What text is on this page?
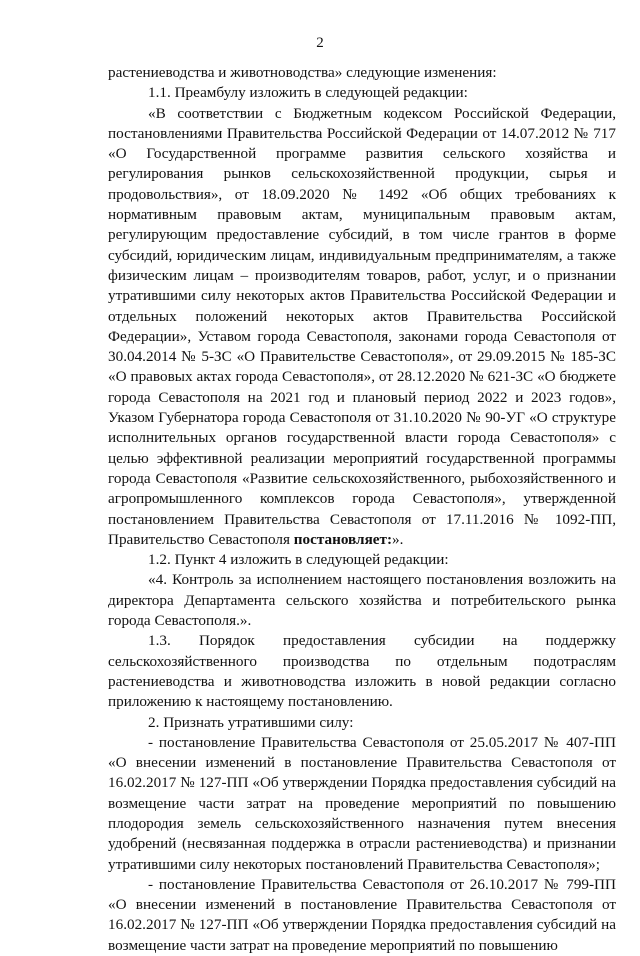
2

растениеводства и животноводства» следующие изменения:

1.1. Преамбулу изложить в следующей редакции:

«В соответствии с Бюджетным кодексом Российской Федерации, постановлениями Правительства Российской Федерации от 14.07.2012 № 717 «О Государственной программе развития сельского хозяйства и регулирования рынков сельскохозяйственной продукции, сырья и продовольствия», от 18.09.2020 № 1492 «Об общих требованиях к нормативным правовым актам, муниципальным правовым актам, регулирующим предоставление субсидий, в том числе грантов в форме субсидий, юридическим лицам, индивидуальным предпринимателям, а также физическим лицам – производителям товаров, работ, услуг, и о признании утратившими силу некоторых актов Правительства Российской Федерации и отдельных положений некоторых актов Правительства Российской Федерации», Уставом города Севастополя, законами города Севастополя от 30.04.2014 № 5-ЗС «О Правительстве Севастополя», от 29.09.2015 № 185-ЗС «О правовых актах города Севастополя», от 28.12.2020 № 621-ЗС «О бюджете города Севастополя на 2021 год и плановый период 2022 и 2023 годов», Указом Губернатора города Севастополя от 31.10.2020 № 90-УГ «О структуре исполнительных органов государственной власти города Севастополя» с целью эффективной реализации мероприятий государственной программы города Севастополя «Развитие сельскохозяйственного, рыбохозяйственного и агропромышленного комплексов города Севастополя», утвержденной постановлением Правительства Севастополя от 17.11.2016 № 1092-ПП, Правительство Севастополя постановляет:».

1.2. Пункт 4 изложить в следующей редакции:

«4. Контроль за исполнением настоящего постановления возложить на директора Департамента сельского хозяйства и потребительского рынка города Севастополя.».

1.3. Порядок предоставления субсидии на поддержку сельскохозяйственного производства по отдельным подотраслям растениеводства и животноводства изложить в новой редакции согласно приложению к настоящему постановлению.

2. Признать утратившими силу:

- постановление Правительства Севастополя от 25.05.2017 № 407-ПП «О внесении изменений в постановление Правительства Севастополя от 16.02.2017 № 127-ПП «Об утверждении Порядка предоставления субсидий на возмещение части затрат на проведение мероприятий по повышению плодородия земель сельскохозяйственного назначения путем внесения удобрений (несвязанная поддержка в отрасли растениеводства) и признании утратившими силу некоторых постановлений Правительства Севастополя»;

- постановление Правительства Севастополя от 26.10.2017 № 799-ПП «О внесении изменений в постановление Правительства Севастополя от 16.02.2017 № 127-ПП «Об утверждении Порядка предоставления субсидий на возмещение части затрат на проведение мероприятий по повышению
